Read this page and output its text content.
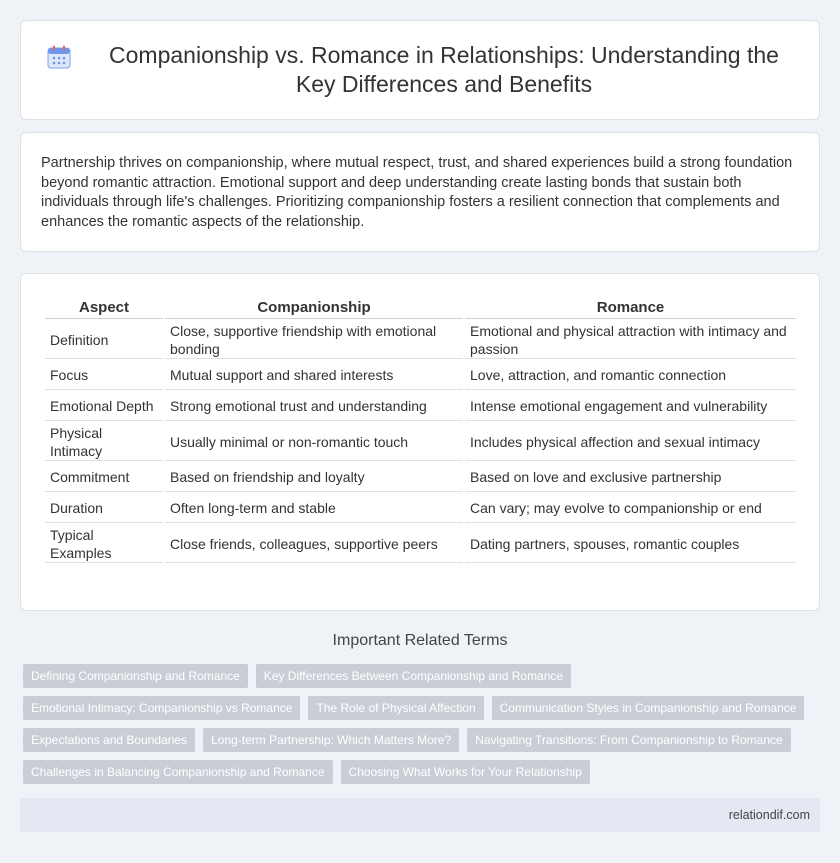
Companionship vs. Romance in Relationships: Understanding the Key Differences and Benefits

Partnership thrives on companionship, where mutual respect, trust, and shared experiences build a strong foundation beyond romantic attraction. Emotional support and deep understanding create lasting bonds that sustain both individuals through life's challenges. Prioritizing companionship fosters a resilient connection that complements and enhances the romantic aspects of the relationship.

Aspect	Companionship	Romance
Definition	Close, supportive friendship with emotional bonding	Emotional and physical attraction with intimacy and passion
Focus	Mutual support and shared interests	Love, attraction, and romantic connection
Emotional Depth	Strong emotional trust and understanding	Intense emotional engagement and vulnerability
Physical Intimacy	Usually minimal or non-romantic touch	Includes physical affection and sexual intimacy
Commitment	Based on friendship and loyalty	Based on love and exclusive partnership
Duration	Often long-term and stable	Can vary; may evolve to companionship or end
Typical Examples	Close friends, colleagues, supportive peers	Dating partners, spouses, romantic couples
Important Related Terms
Defining Companionship and Romance	Key Differences Between Companionship and Romance
Emotional Intimacy: Companionship vs Romance	The Role of Physical Affection	Communication Styles in Companionship and Romance
Expectations and Boundaries	Long-term Partnership: Which Matters More?	Navigating Transitions: From Companionship to Romance
Challenges in Balancing Companionship and Romance	Choosing What Works for Your Relationship
relationdif.com
